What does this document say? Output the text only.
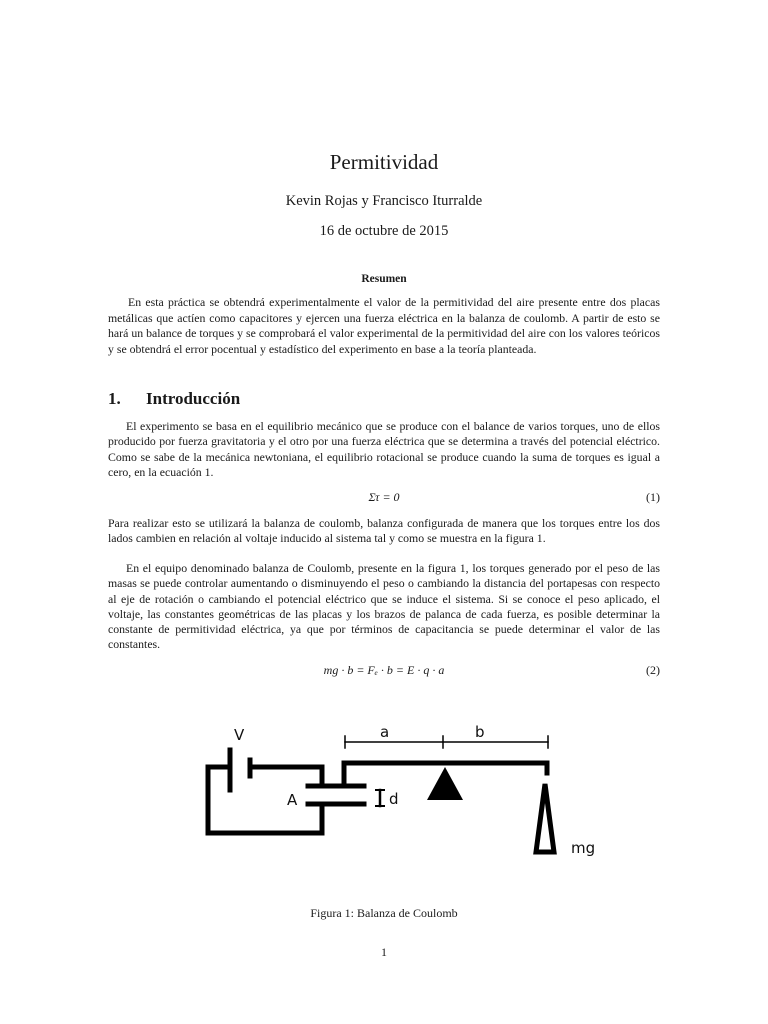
Permitividad
Kevin Rojas y Francisco Iturralde
16 de octubre de 2015
Resumen
En esta práctica se obtendrá experimentalmente el valor de la permitividad del aire presente entre dos placas metálicas que actíen como capacitores y ejercen una fuerza eléctrica en la balanza de coulomb. A partir de esto se hará un balance de torques y se comprobará el valor experimental de la permitividad del aire con los valores teóricos y se obtendrá el error pocentual y estadístico del experimento en base a la teoría planteada.
1. Introducción
El experimento se basa en el equilibrio mecánico que se produce con el balance de varios torques, uno de ellos producido por fuerza gravitatoria y el otro por una fuerza eléctrica que se determina a través del potencial eléctrico. Como se sabe de la mecánica newtoniana, el equilibrio rotacional se produce cuando la suma de torques es igual a cero, en la ecuación 1.
Στ = 0	(1)
Para realizar esto se utilizará la balanza de coulomb, balanza configurada de manera que los torques entre los dos lados cambien en relación al voltaje inducido al sistema tal y como se muestra en la figura 1.
En el equipo denominado balanza de Coulomb, presente en la figura 1, los torques generado por el peso de las masas se puede controlar aumentando o disminuyendo el peso o cambiando la distancia del portapesas con respecto al eje de rotación o cambiando el potencial eléctrico que se induce el sistema. Si se conoce el peso aplicado, el voltaje, las constantes geométricas de las placas y los brazos de palanca de cada fuerza, es posible determinar la constante de permitividad eléctrica, ya que por términos de capacitancia se puede determinar el valor de las constantes.
mg · b = Fₑ · b = E · q · a	(2)
V
A	d
a	b
mg
Figura 1: Balanza de Coulomb
1
